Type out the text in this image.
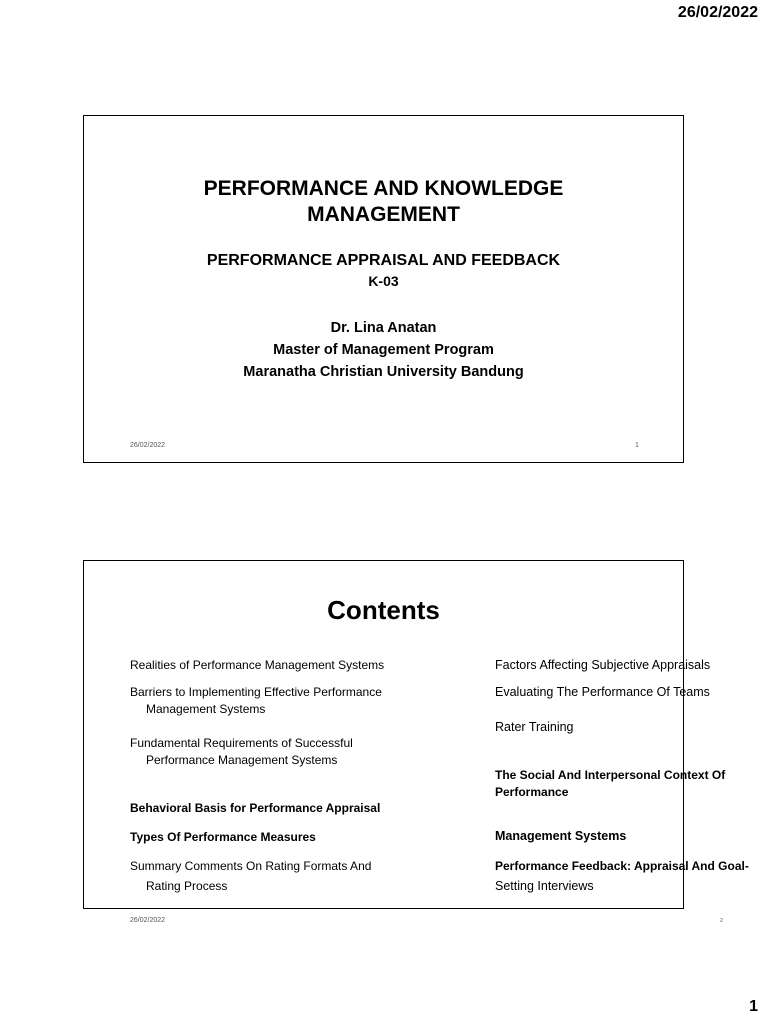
26/02/2022
PERFORMANCE AND KNOWLEDGE
MANAGEMENT
PERFORMANCE APPRAISAL AND FEEDBACK
K-03
Dr. Lina Anatan
Master of Management Program
Maranatha Christian University Bandung
26/02/2022	1
Contents
Realities of Performance Management Systems
Barriers to Implementing Effective Performance
Management Systems
Fundamental Requirements of Successful
Performance Management Systems
Behavioral Basis for Performance Appraisal
Types Of Performance Measures
Summary Comments On Rating Formats And
Rating Process
Factors Affecting Subjective Appraisals
Evaluating The Performance Of Teams
Rater Training
The Social And Interpersonal Context Of
Performance
Management Systems
Performance Feedback: Appraisal And Goal-
Setting Interviews
26/02/2022	2
1
